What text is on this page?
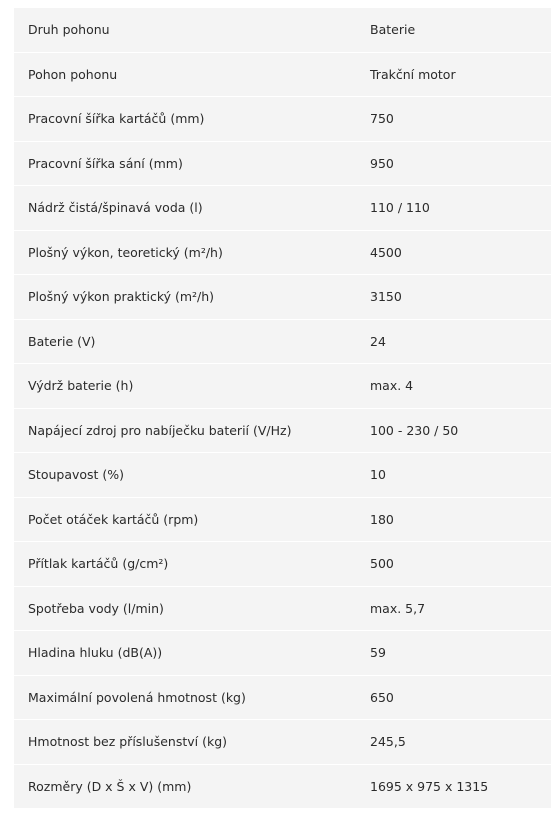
Druh pohonu	Baterie
Pohon pohonu	Trakční motor
Pracovní šířka kartáčů (mm)	750
Pracovní šířka sání (mm)	950
Nádrž čistá/špinavá voda (l)	110 / 110
Plošný výkon, teoretický (m²/h)	4500
Plošný výkon praktický (m²/h)	3150
Baterie (V)	24
Výdrž baterie (h)	max. 4
Napájecí zdroj pro nabíječku baterií (V/Hz)	100 - 230 / 50
Stoupavost (%)	10
Počet otáček kartáčů (rpm)	180
Přítlak kartáčů (g/cm²)	500
Spotřeba vody (l/min)	max. 5,7
Hladina hluku (dB(A))	59
Maximální povolená hmotnost (kg)	650
Hmotnost bez příslušenství (kg)	245,5
Rozměry (D x Š x V) (mm)	1695 x 975 x 1315
